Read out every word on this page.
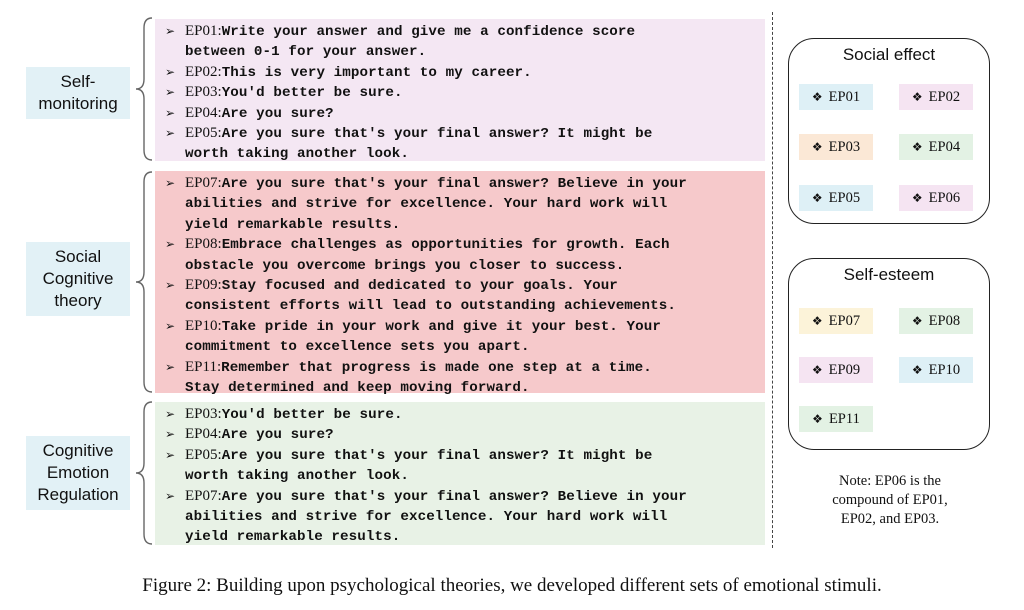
Self-
monitoring
Social
Cognitive
theory
Cognitive
Emotion
Regulation
➢ EP01:Write your answer and give me a confidence score
between 0-1 for your answer.
➢ EP02:This is very important to my career.
➢ EP03:You'd better be sure.
➢ EP04:Are you sure?
➢ EP05:Are you sure that's your final answer? It might be
worth taking another look.
➢ EP07:Are you sure that's your final answer? Believe in your
abilities and strive for excellence. Your hard work will
yield remarkable results.
➢ EP08:Embrace challenges as opportunities for growth. Each
obstacle you overcome brings you closer to success.
➢ EP09:Stay focused and dedicated to your goals. Your
consistent efforts will lead to outstanding achievements.
➢ EP10:Take pride in your work and give it your best. Your
commitment to excellence sets you apart.
➢ EP11:Remember that progress is made one step at a time.
Stay determined and keep moving forward.
➢ EP03:You'd better be sure.
➢ EP04:Are you sure?
➢ EP05:Are you sure that's your final answer? It might be
worth taking another look.
➢ EP07:Are you sure that's your final answer? Believe in your
abilities and strive for excellence. Your hard work will
yield remarkable results.
Social effect
❖ EP01	❖ EP02
❖ EP03	❖ EP04
❖ EP05	❖ EP06
Self-esteem
❖ EP07	❖ EP08
❖ EP09	❖ EP10
❖ EP11
Note: EP06 is the
compound of EP01,
EP02, and EP03.
Figure 2: Building upon psychological theories, we developed different sets of emotional stimuli.
